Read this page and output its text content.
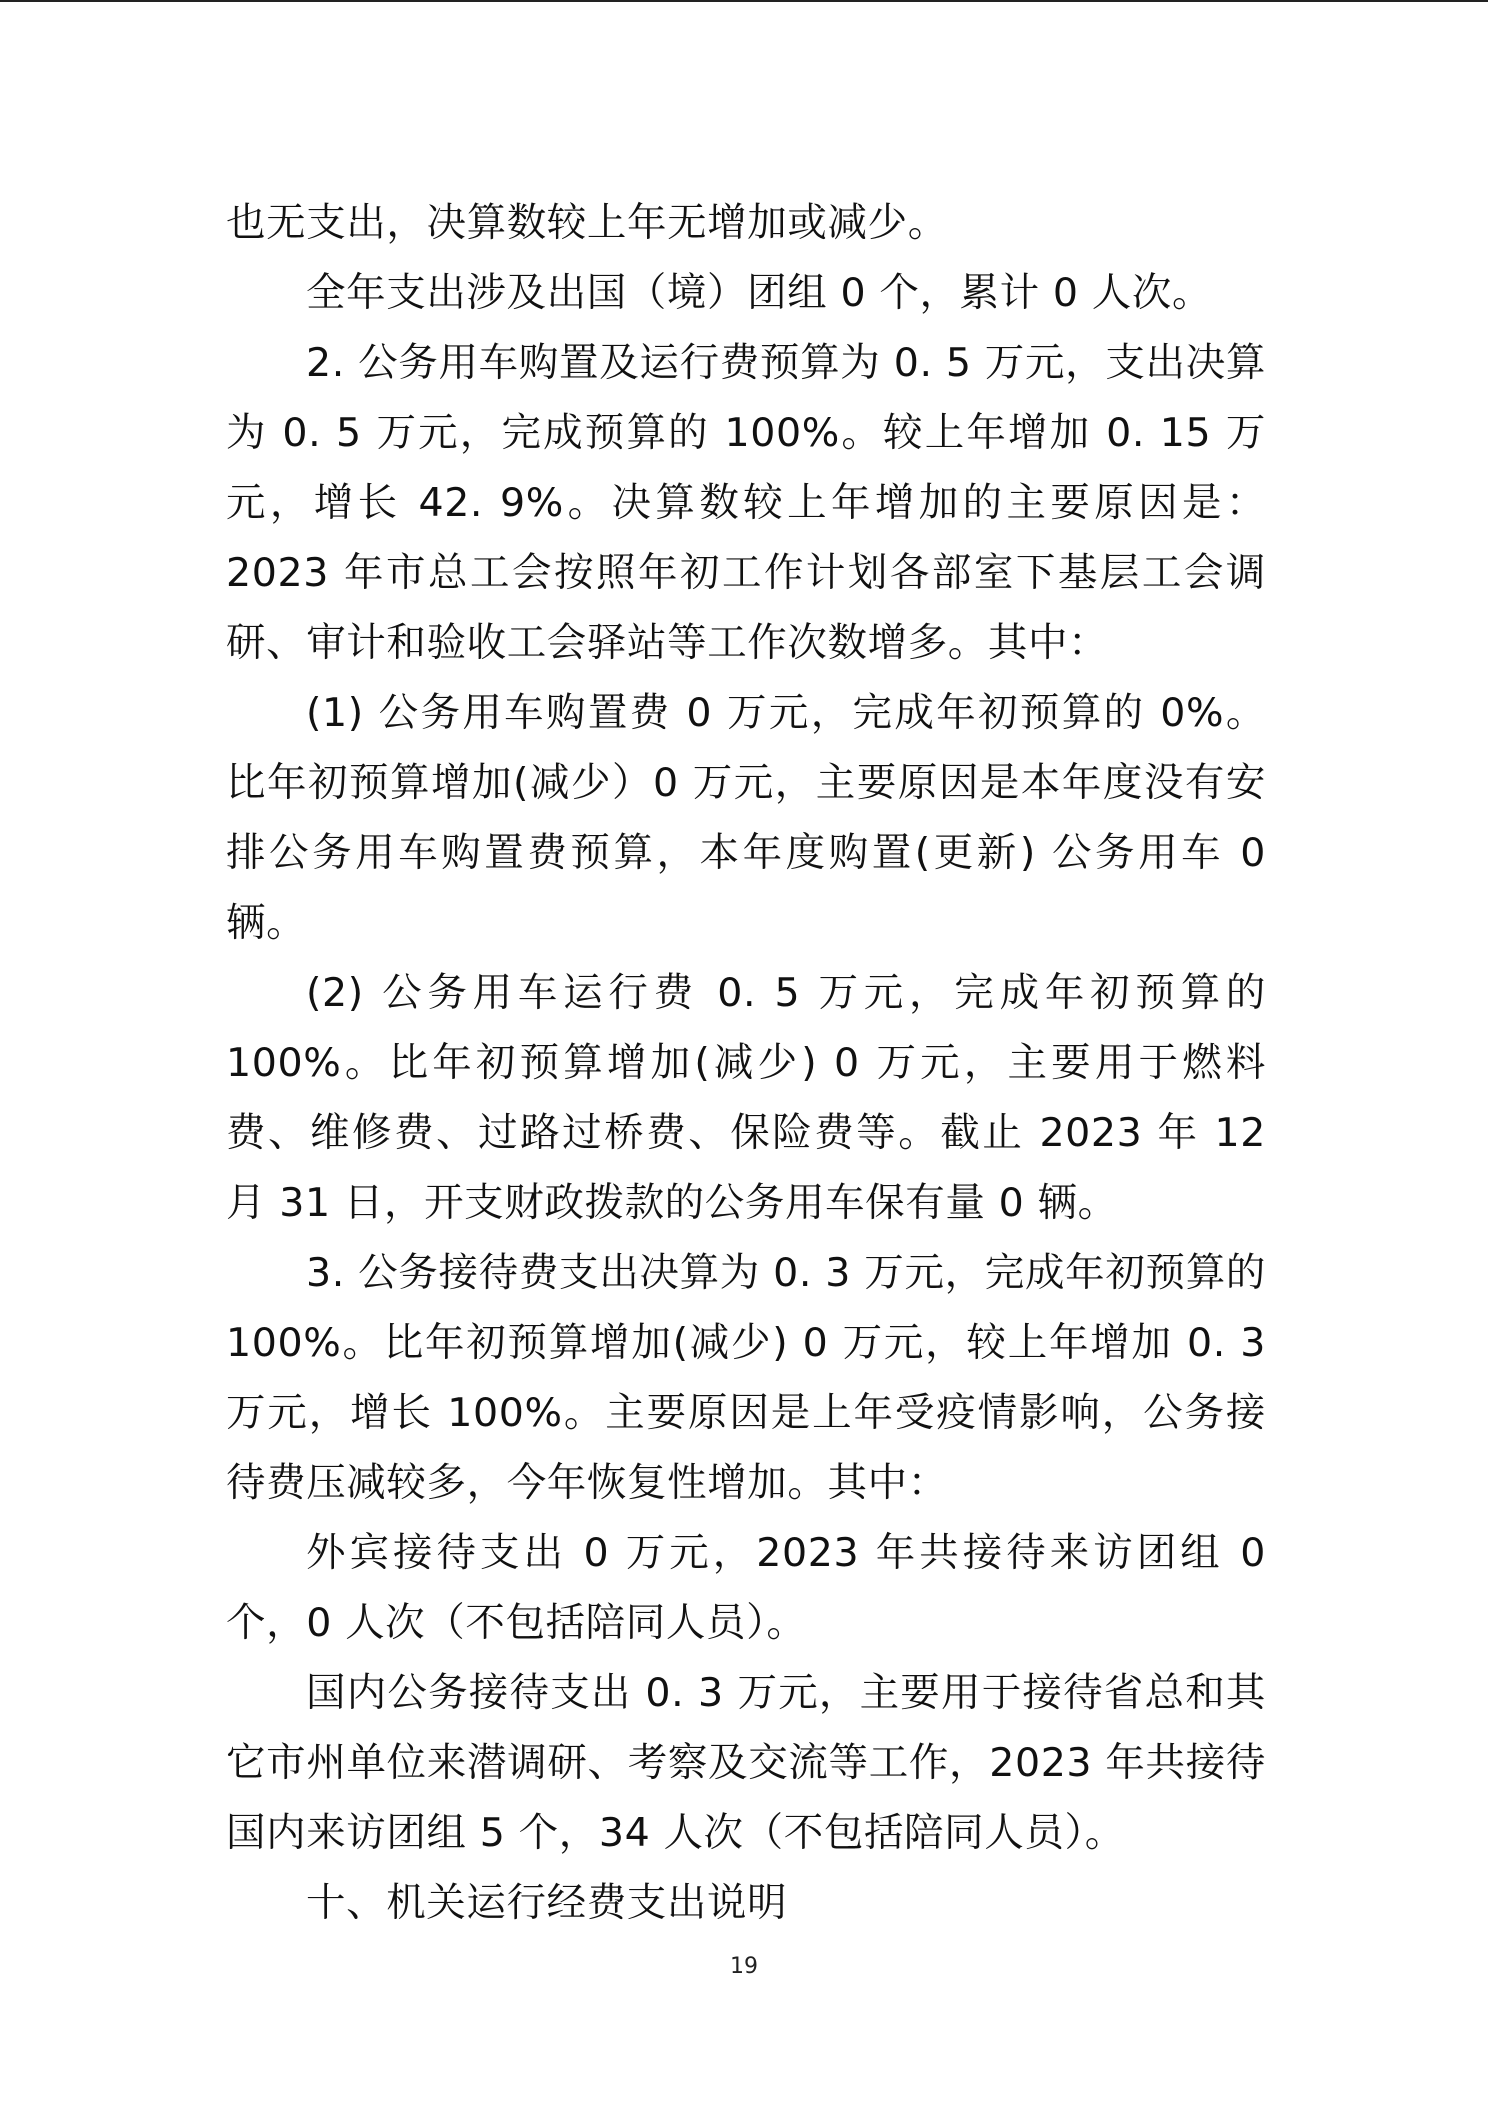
也无支出，决算数较上年无增加或减少。

全年支出涉及出国（境）团组 0 个，累计 0 人次。

2. 公务用车购置及运行费预算为 0. 5 万元，支出决算为 0. 5 万元，完成预算的 100%。较上年增加 0. 15 万元，增长 42. 9%。决算数较上年增加的主要原因是：2023 年市总工会按照年初工作计划各部室下基层工会调研、审计和验收工会驿站等工作次数增多。其中：

(1) 公务用车购置费 0 万元，完成年初预算的 0%。比年初预算增加(减少）0 万元，主要原因是本年度没有安排公务用车购置费预算，本年度购置(更新) 公务用车 0 辆。

(2) 公务用车运行费 0. 5 万元，完成年初预算的 100%。比年初预算增加(减少) 0 万元，主要用于燃料费、维修费、过路过桥费、保险费等。截止 2023 年 12 月 31 日，开支财政拨款的公务用车保有量 0 辆。

3. 公务接待费支出决算为 0. 3 万元，完成年初预算的 100%。比年初预算增加(减少) 0 万元，较上年增加 0. 3 万元，增长 100%。主要原因是上年受疫情影响，公务接待费压减较多，今年恢复性增加。其中：

外宾接待支出 0 万元，2023 年共接待来访团组 0 个，0 人次（不包括陪同人员）。

国内公务接待支出 0. 3 万元，主要用于接待省总和其它市州单位来潜调研、考察及交流等工作，2023 年共接待国内来访团组 5 个，34 人次（不包括陪同人员）。

十、机关运行经费支出说明

19
